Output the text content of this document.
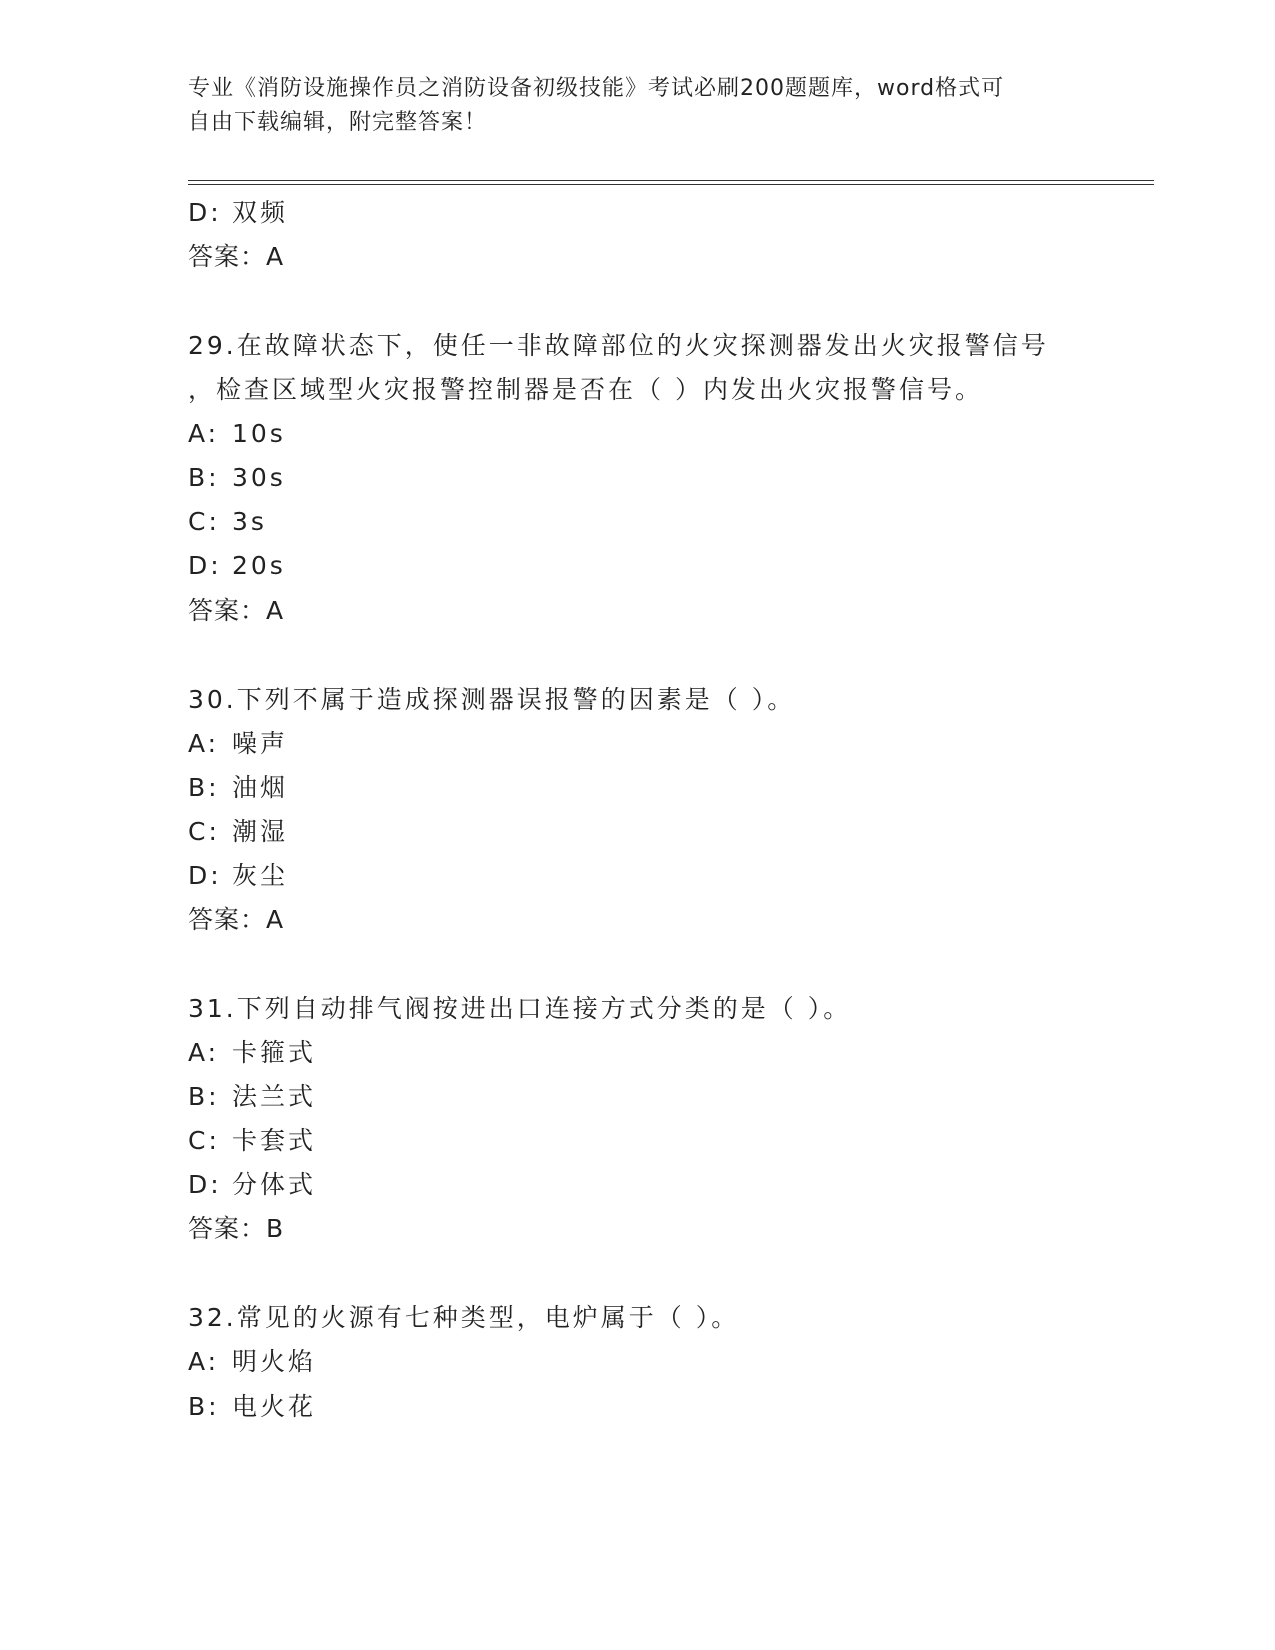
专业《消防设施操作员之消防设备初级技能》考试必刷200题题库，word格式可
自由下载编辑，附完整答案！
D: 双频
答案：A
29.在故障状态下，使任一非故障部位的火灾探测器发出火灾报警信号
，检查区域型火灾报警控制器是否在（ ）内发出火灾报警信号。
A: 10s
B: 30s
C: 3s
D: 20s
答案：A
30.下列不属于造成探测器误报警的因素是（ ）。
A: 噪声
B: 油烟
C: 潮湿
D: 灰尘
答案：A
31.下列自动排气阀按进出口连接方式分类的是（ ）。
A: 卡箍式
B: 法兰式
C: 卡套式
D: 分体式
答案：B
32.常见的火源有七种类型，电炉属于（ ）。
A: 明火焰
B: 电火花
